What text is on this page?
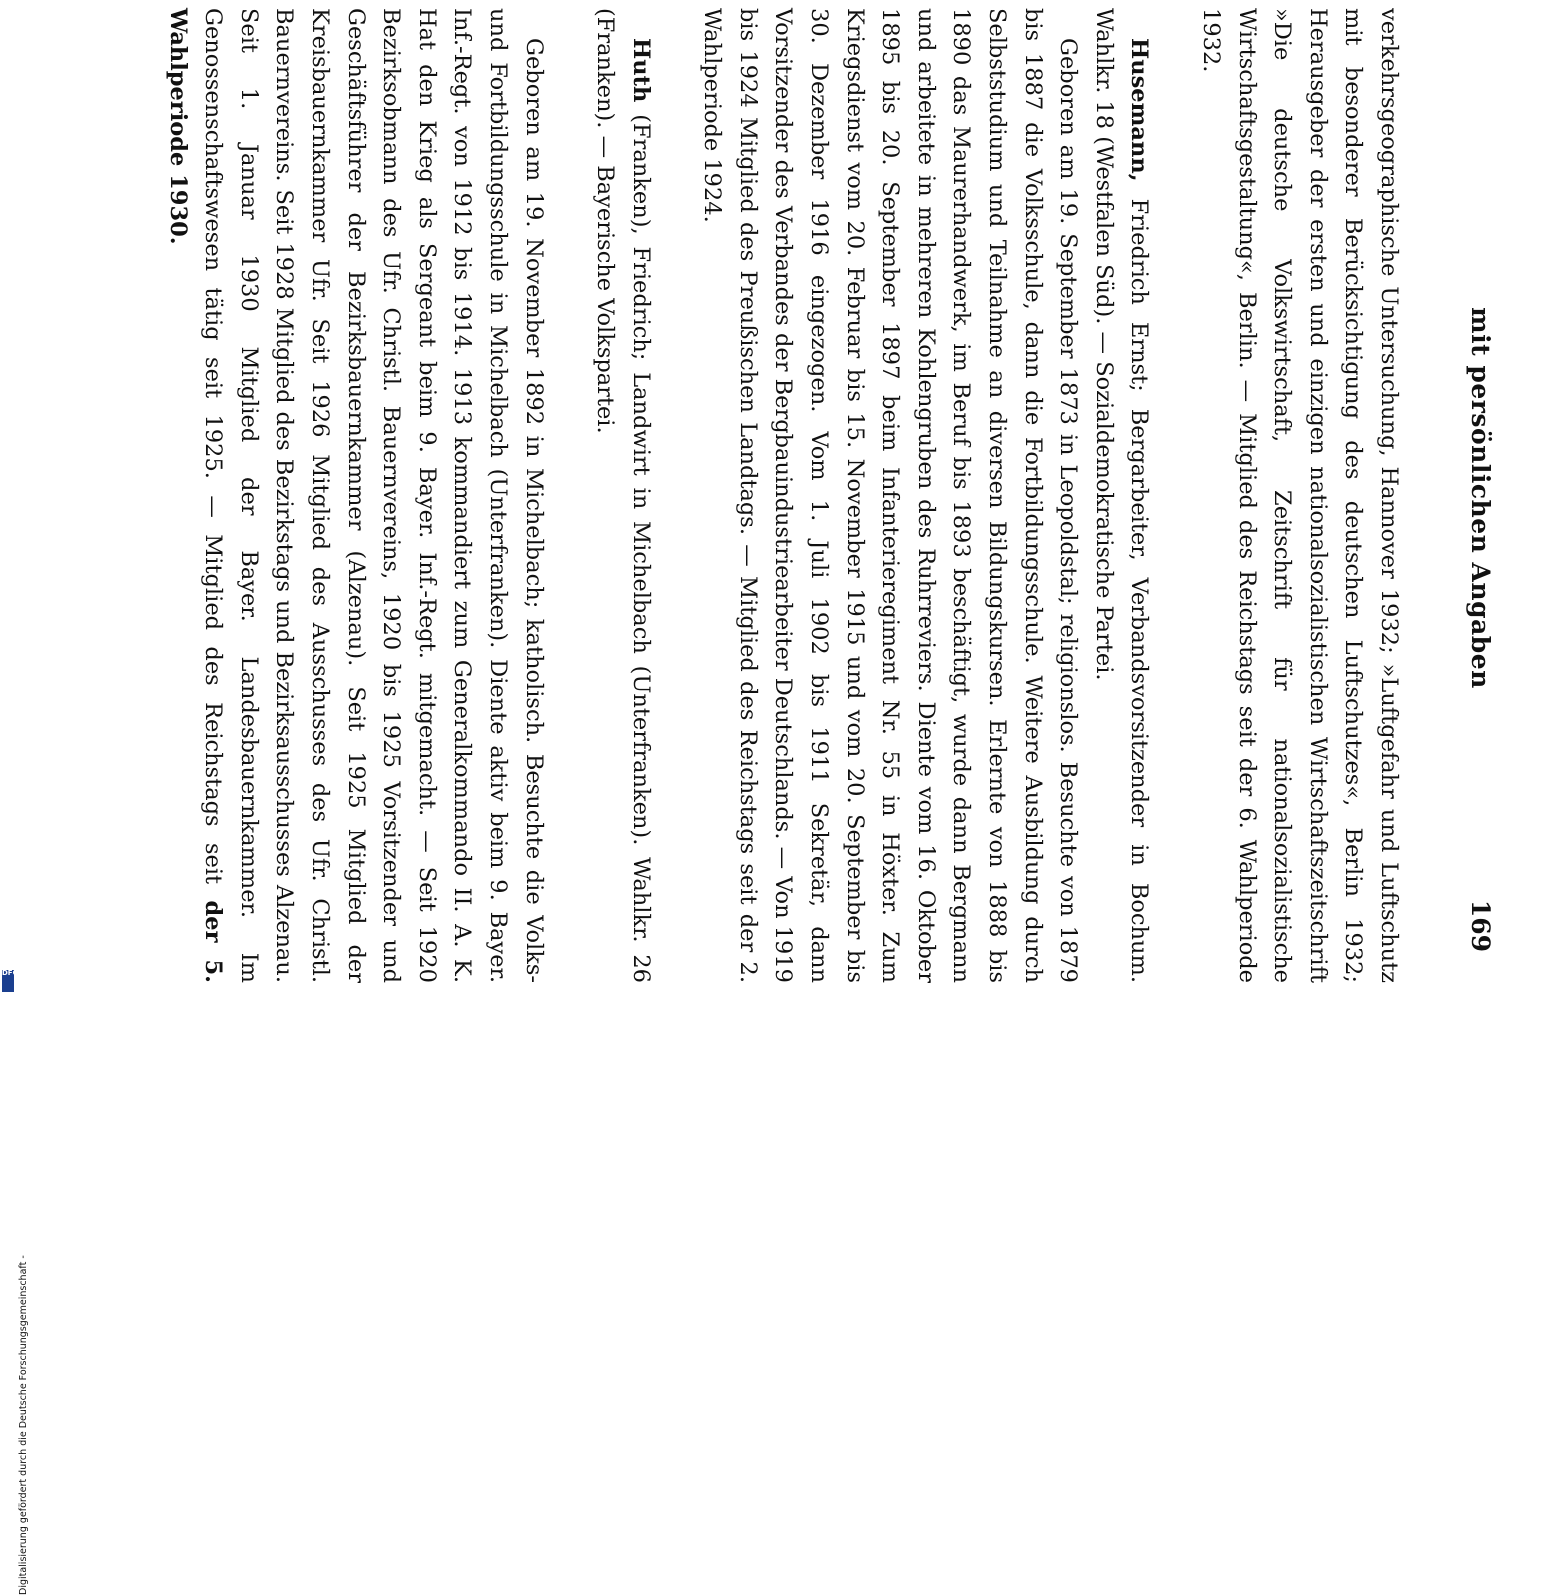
mit persönlichen Angaben
169

verkehrsgeographische Untersuchung, Hannover 1932; »Luftgefahr und Luftschutz mit besonderer Berücksichtigung des deutschen Luftschutzes«, Berlin 1932; Herausgeber der ersten und einzigen nationalsozialistischen Wirtschaftszeitschrift »Die deutsche Volkswirtschaft, Zeitschrift für nationalsozialistische Wirtschaftsgestaltung«, Berlin. — Mitglied des Reichstags seit der 6. Wahlperiode 1932.

Husemann, Friedrich Ernst; Bergarbeiter, Verbandsvorsitzender in Bochum. Wahlkr. 18 (Westfalen Süd). — Sozialdemokratische Partei.

Geboren am 19. September 1873 in Leopoldstal; religionslos. Besuchte von 1879 bis 1887 die Volksschule, dann die Fortbildungsschule. Weitere Ausbildung durch Selbststudium und Teilnahme an diversen Bildungskursen. Erlernte von 1888 bis 1890 das Maurerhandwerk, im Beruf bis 1893 beschäftigt, wurde dann Bergmann und arbeitete in mehreren Kohlengruben des Ruhrreviers. Diente vom 16. Oktober 1895 bis 20. September 1897 beim Infanterieregiment Nr. 55 in Höxter. Zum Kriegsdienst vom 20. Februar bis 15. November 1915 und vom 20. September bis 30. Dezember 1916 eingezogen. Vom 1. Juli 1902 bis 1911 Sekretär, dann Vorsitzender des Verbandes der Bergbauindustriearbeiter Deutschlands. — Von 1919 bis 1924 Mitglied des Preußischen Landtags. — Mitglied des Reichstags seit der 2. Wahlperiode 1924.

Huth (Franken), Friedrich; Landwirt in Michelbach (Unterfranken). Wahlkr. 26 (Franken). — Bayerische Volkspartei.

Geboren am 19. November 1892 in Michelbach; katholisch. Besuchte die Volks- und Fortbildungsschule in Michelbach (Unterfranken). Diente aktiv beim 9. Bayer. Inf.-Regt. von 1912 bis 1914. 1913 kommandiert zum Generalkommando II. A. K. Hat den Krieg als Sergeant beim 9. Bayer. Inf.-Regt. mitgemacht. — Seit 1920 Bezirksobmann des Ufr. Christl. Bauernvereins, 1920 bis 1925 Vorsitzender und Geschäftsführer der Bezirksbauernkammer (Alzenau). Seit 1925 Mitglied der Kreisbauernkammer Ufr. Seit 1926 Mitglied des Ausschusses des Ufr. Christl. Bauernvereins. Seit 1928 Mitglied des Bezirkstags und Bezirksausschusses Alzenau. Seit 1. Januar 1930 Mitglied der Bayer. Landesbauernkammer. Im Genossenschaftswesen tätig seit 1925. — Mitglied des Reichstags seit der 5. Wahlperiode 1930.

Digitalisierung gefördert durch die Deutsche Forschungsgemeinschaft -
DFG
